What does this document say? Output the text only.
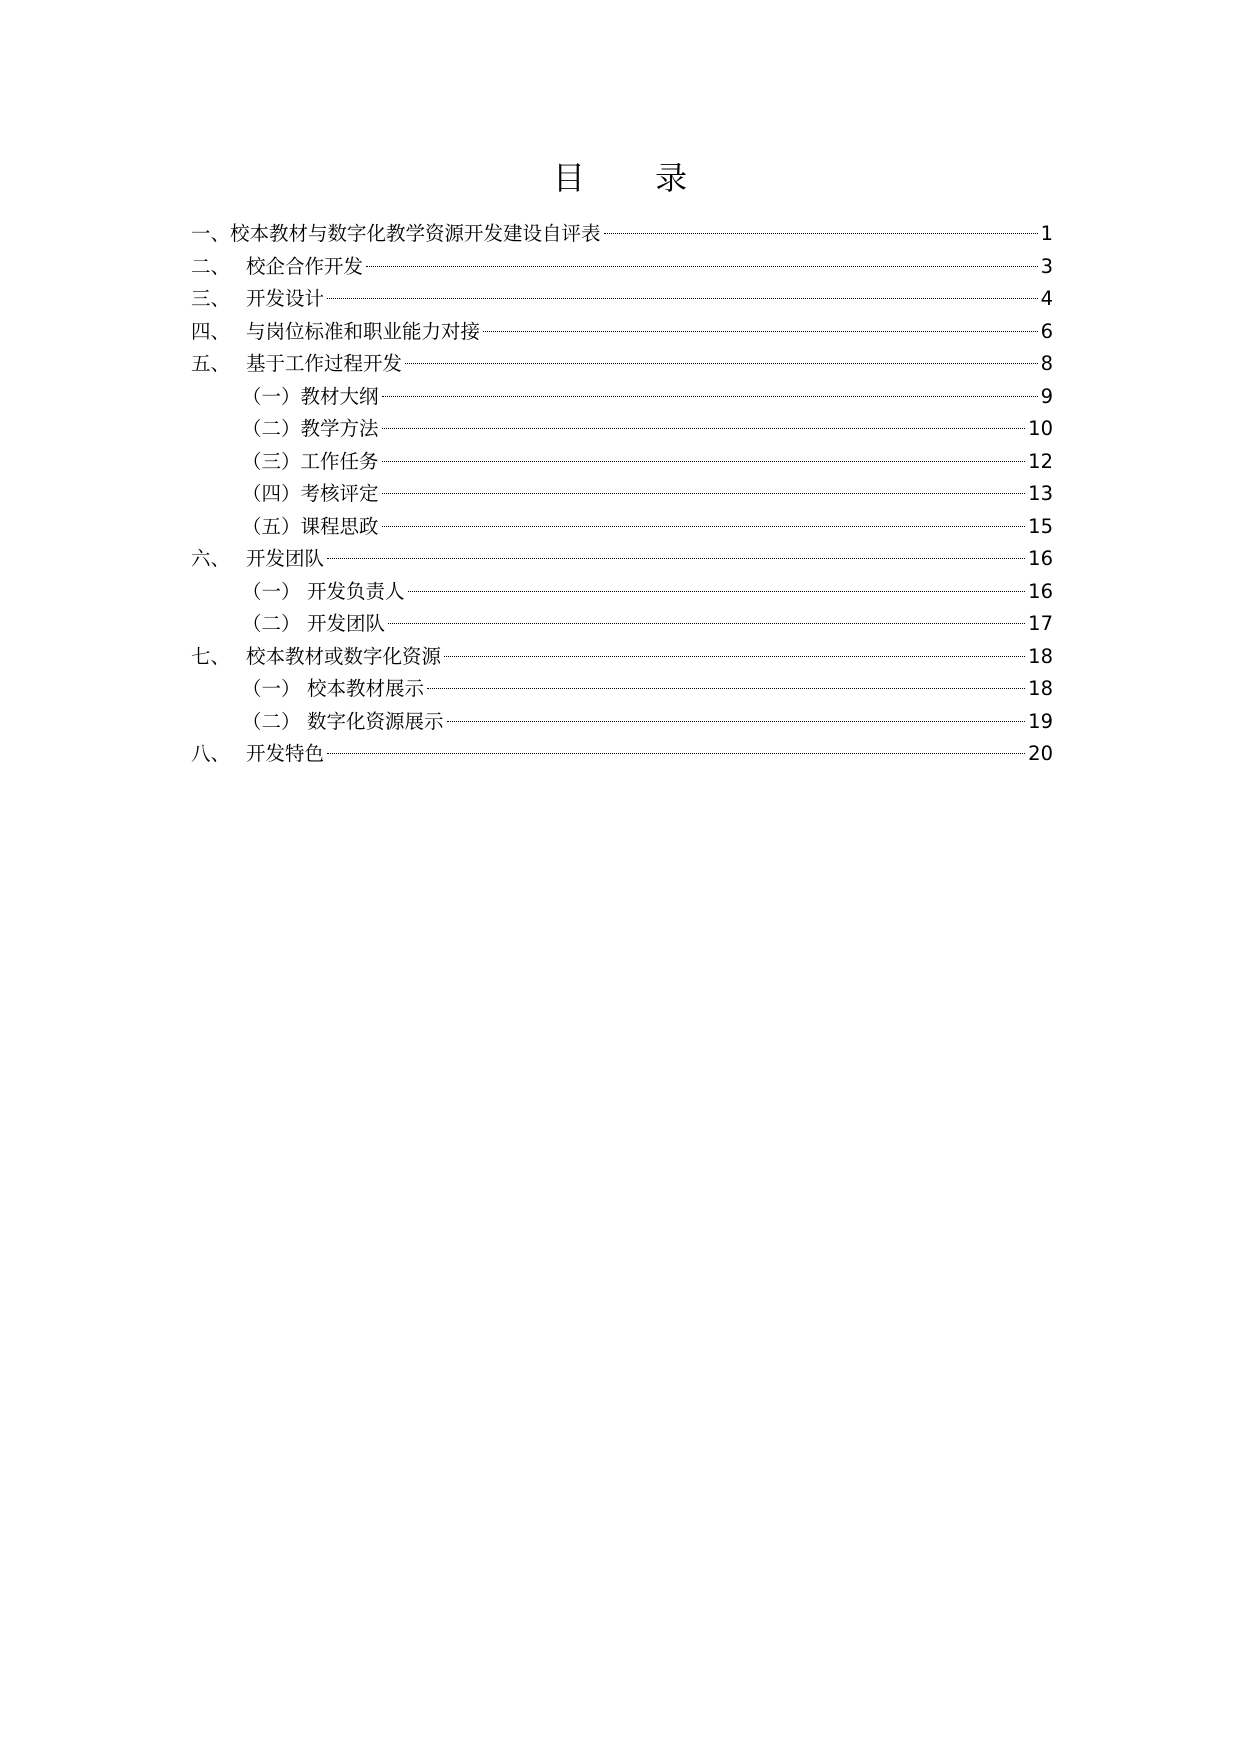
目 录
一、 校本教材与数字化教学资源开发建设自评表	1
二、 校企合作开发	3
三、 开发设计	4
四、 与岗位标准和职业能力对接	6
五、 基于工作过程开发	8
（一） 教材大纲	9
（二） 教学方法	10
（三） 工作任务	12
（四） 考核评定	13
（五） 课程思政	15
六、 开发团队	16
（一） 开发负责人	16
（二） 开发团队	17
七、 校本教材或数字化资源	18
（一） 校本教材展示	18
（二） 数字化资源展示	19
八、 开发特色	20
